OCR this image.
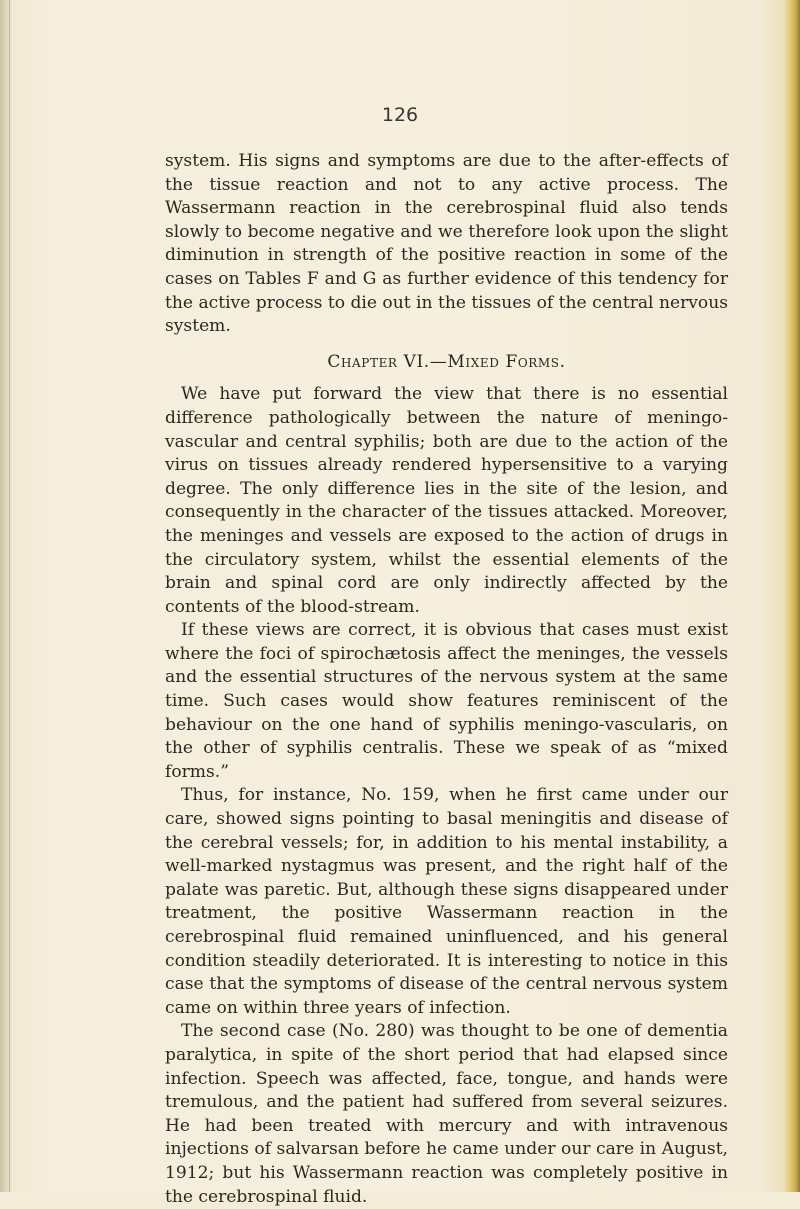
126

system. His signs and symptoms are due to the after-effects of the tissue reaction and not to any active process. The Wassermann reaction in the cerebrospinal fluid also tends slowly to become negative and we therefore look upon the slight diminution in strength of the positive reaction in some of the cases on Tables F and G as further evidence of this tendency for the active process to die out in the tissues of the central nervous system.

Chapter VI.—Mixed Forms.

We have put forward the view that there is no essential difference pathologically between the nature of meningo-vascular and central syphilis; both are due to the action of the virus on tissues already rendered hypersensitive to a varying degree. The only difference lies in the site of the lesion, and consequently in the character of the tissues attacked. Moreover, the meninges and vessels are exposed to the action of drugs in the circulatory system, whilst the essential elements of the brain and spinal cord are only indirectly affected by the contents of the blood-stream.

If these views are correct, it is obvious that cases must exist where the foci of spirochætosis affect the meninges, the vessels and the essential structures of the nervous system at the same time. Such cases would show features reminiscent of the behaviour on the one hand of syphilis meningo-vascularis, on the other of syphilis centralis. These we speak of as “mixed forms.”

Thus, for instance, No. 159, when he first came under our care, showed signs pointing to basal meningitis and disease of the cerebral vessels; for, in addition to his mental instability, a well-marked nystagmus was present, and the right half of the palate was paretic. But, although these signs disappeared under treatment, the positive Wassermann reaction in the cerebrospinal fluid remained uninfluenced, and his general condition steadily deteriorated. It is interesting to notice in this case that the symptoms of disease of the central nervous system came on within three years of infection.

The second case (No. 280) was thought to be one of dementia paralytica, in spite of the short period that had elapsed since infection. Speech was affected, face, tongue, and hands were tremulous, and the patient had suffered from several seizures. He had been treated with mercury and with intravenous injections of salvarsan before he came under our care in August, 1912; but his Wassermann reaction was completely positive in the cerebrospinal fluid.
